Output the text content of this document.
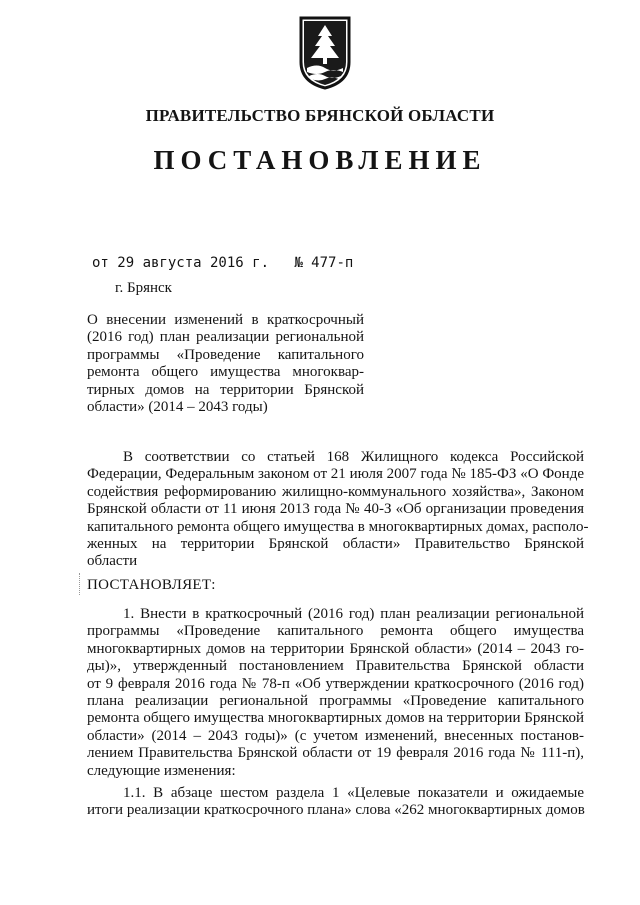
ПРАВИТЕЛЬСТВО БРЯНСКОЙ ОБЛАСТИ
ПОСТАНОВЛЕНИЕ
от 29 августа 2016 г. № 477-п
г. Брянск
О внесении изменений в краткосрочный
(2016 год) план реализации региональной
программы «Проведение капитального
ремонта общего имущества многоквар-
тирных домов на территории Брянской
области» (2014 – 2043 годы)
В соответствии со статьей 168 Жилищного кодекса Российской
Федерации, Федеральным законом от 21 июля 2007 года № 185-ФЗ «О Фонде
содействия реформированию жилищно-коммунального хозяйства», Законом
Брянской области от 11 июня 2013 года № 40-З «Об организации проведения
капитального ремонта общего имущества в многоквартирных домах, располо-
женных на территории Брянской области» Правительство Брянской
области
ПОСТАНОВЛЯЕТ:
1. Внести в краткосрочный (2016 год) план реализации региональной
программы «Проведение капитального ремонта общего имущества
многоквартирных домов на территории Брянской области» (2014 – 2043 го-
ды)», утвержденный постановлением Правительства Брянской области
от 9 февраля 2016 года № 78-п «Об утверждении краткосрочного (2016 год)
плана реализации региональной программы «Проведение капитального
ремонта общего имущества многоквартирных домов на территории Брянской
области» (2014 – 2043 годы)» (с учетом изменений, внесенных постанов-
лением Правительства Брянской области от 19 февраля 2016 года № 111-п),
следующие изменения:
1.1. В абзаце шестом раздела 1 «Целевые показатели и ожидаемые
итоги реализации краткосрочного плана» слова «262 многоквартирных домов
